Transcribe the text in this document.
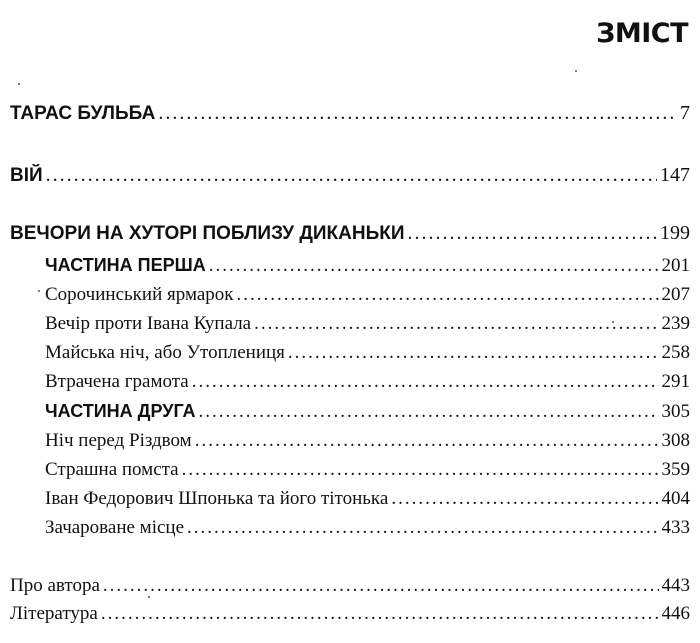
ЗМІСТ
ТАРАС БУЛЬБА .....	7
ВІЙ .....	147
ВЕЧОРИ НА ХУТОРІ ПОБЛИЗУ ДИКАНЬКИ .....	199
ЧАСТИНА ПЕРША .....	201
Сорочинський ярмарок .....	207
Вечір проти Івана Купала .....	239
Майська ніч, або Утоплениця .....	258
Втрачена грамота .....	291
ЧАСТИНА ДРУГА .....	305
Ніч перед Різдвом .....	308
Страшна помста .....	359
Іван Федорович Шпонька та його тітонька .....	404
Зачароване місце .....	433
Про автора .....	443
Література .....	446
